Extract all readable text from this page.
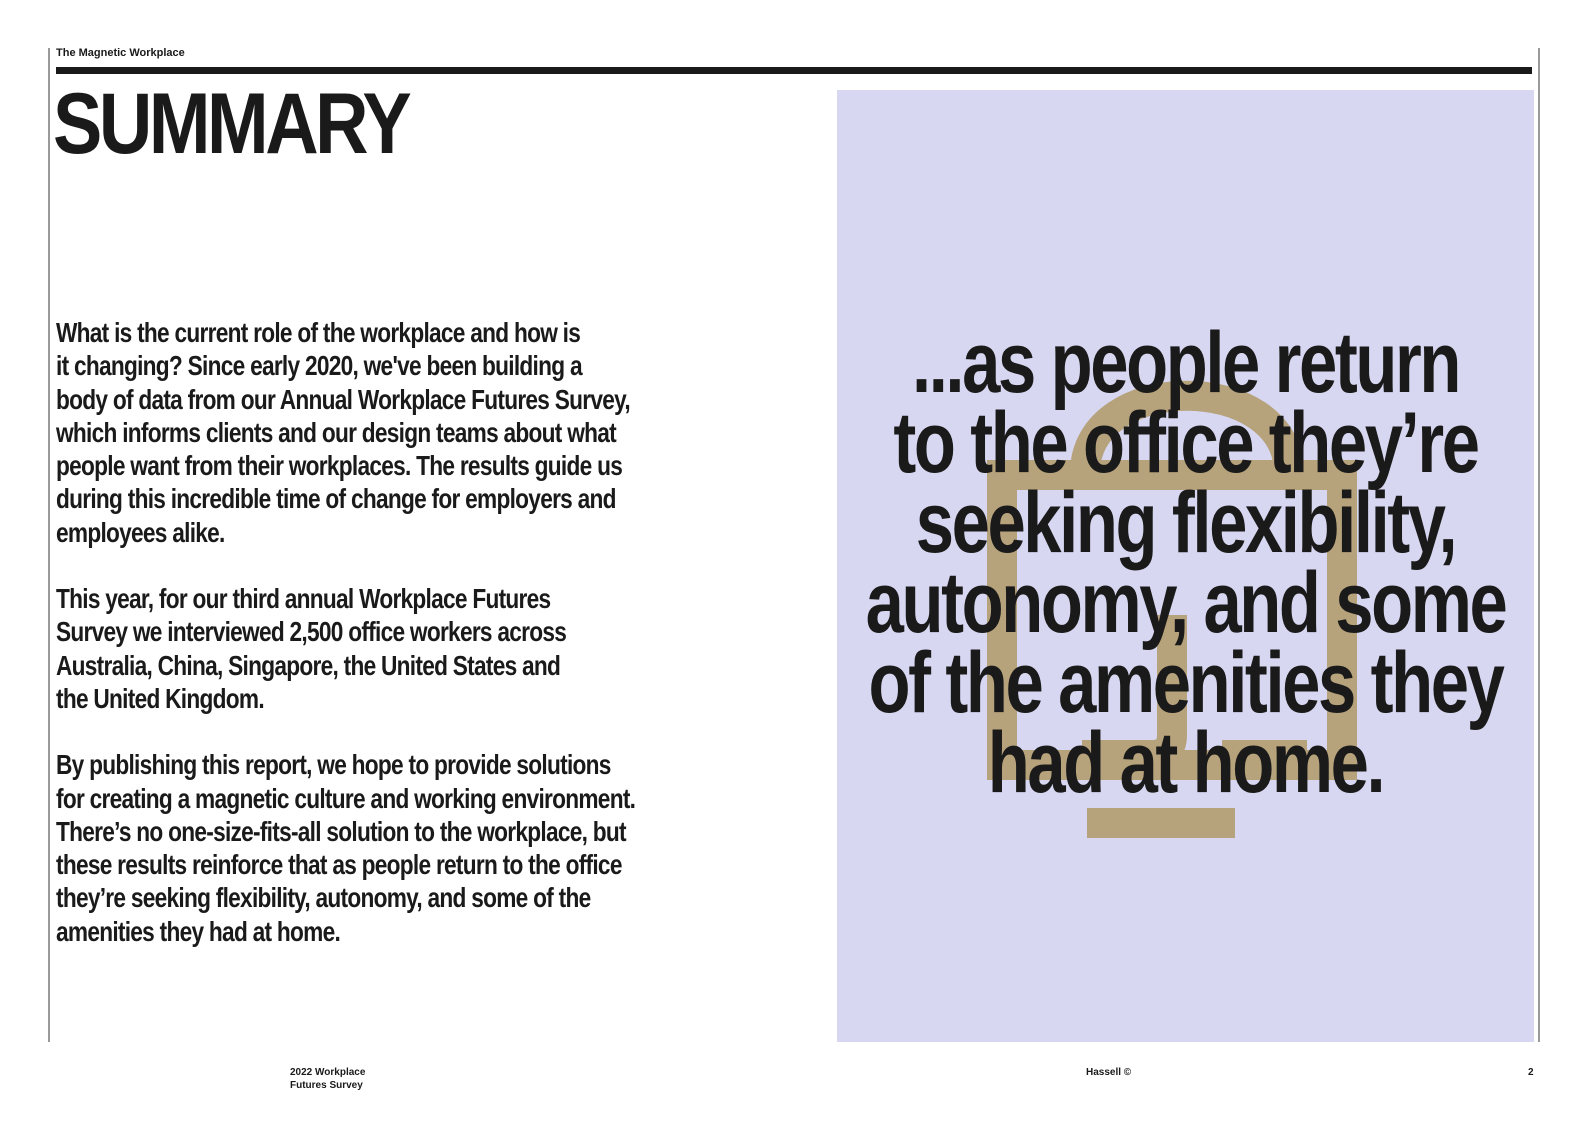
The Magnetic Workplace
SUMMARY

What is the current role of the workplace and how is
it changing? Since early 2020, we've been building a
body of data from our Annual Workplace Futures Survey,
which informs clients and our design teams about what
people want from their workplaces. The results guide us
during this incredible time of change for employers and
employees alike.

This year, for our third annual Workplace Futures
Survey we interviewed 2,500 office workers across
Australia, China, Singapore, the United States and
the United Kingdom.

By publishing this report, we hope to provide solutions
for creating a magnetic culture and working environment.
There’s no one-size-fits-all solution to the workplace, but
these results reinforce that as people return to the office
they’re seeking flexibility, autonomy, and some of the
amenities they had at home.

...as people return
to the office they’re
seeking flexibility,
autonomy, and some
of the amenities they
had at home.

2022 Workplace
Futures Survey
Hassell ©	2
